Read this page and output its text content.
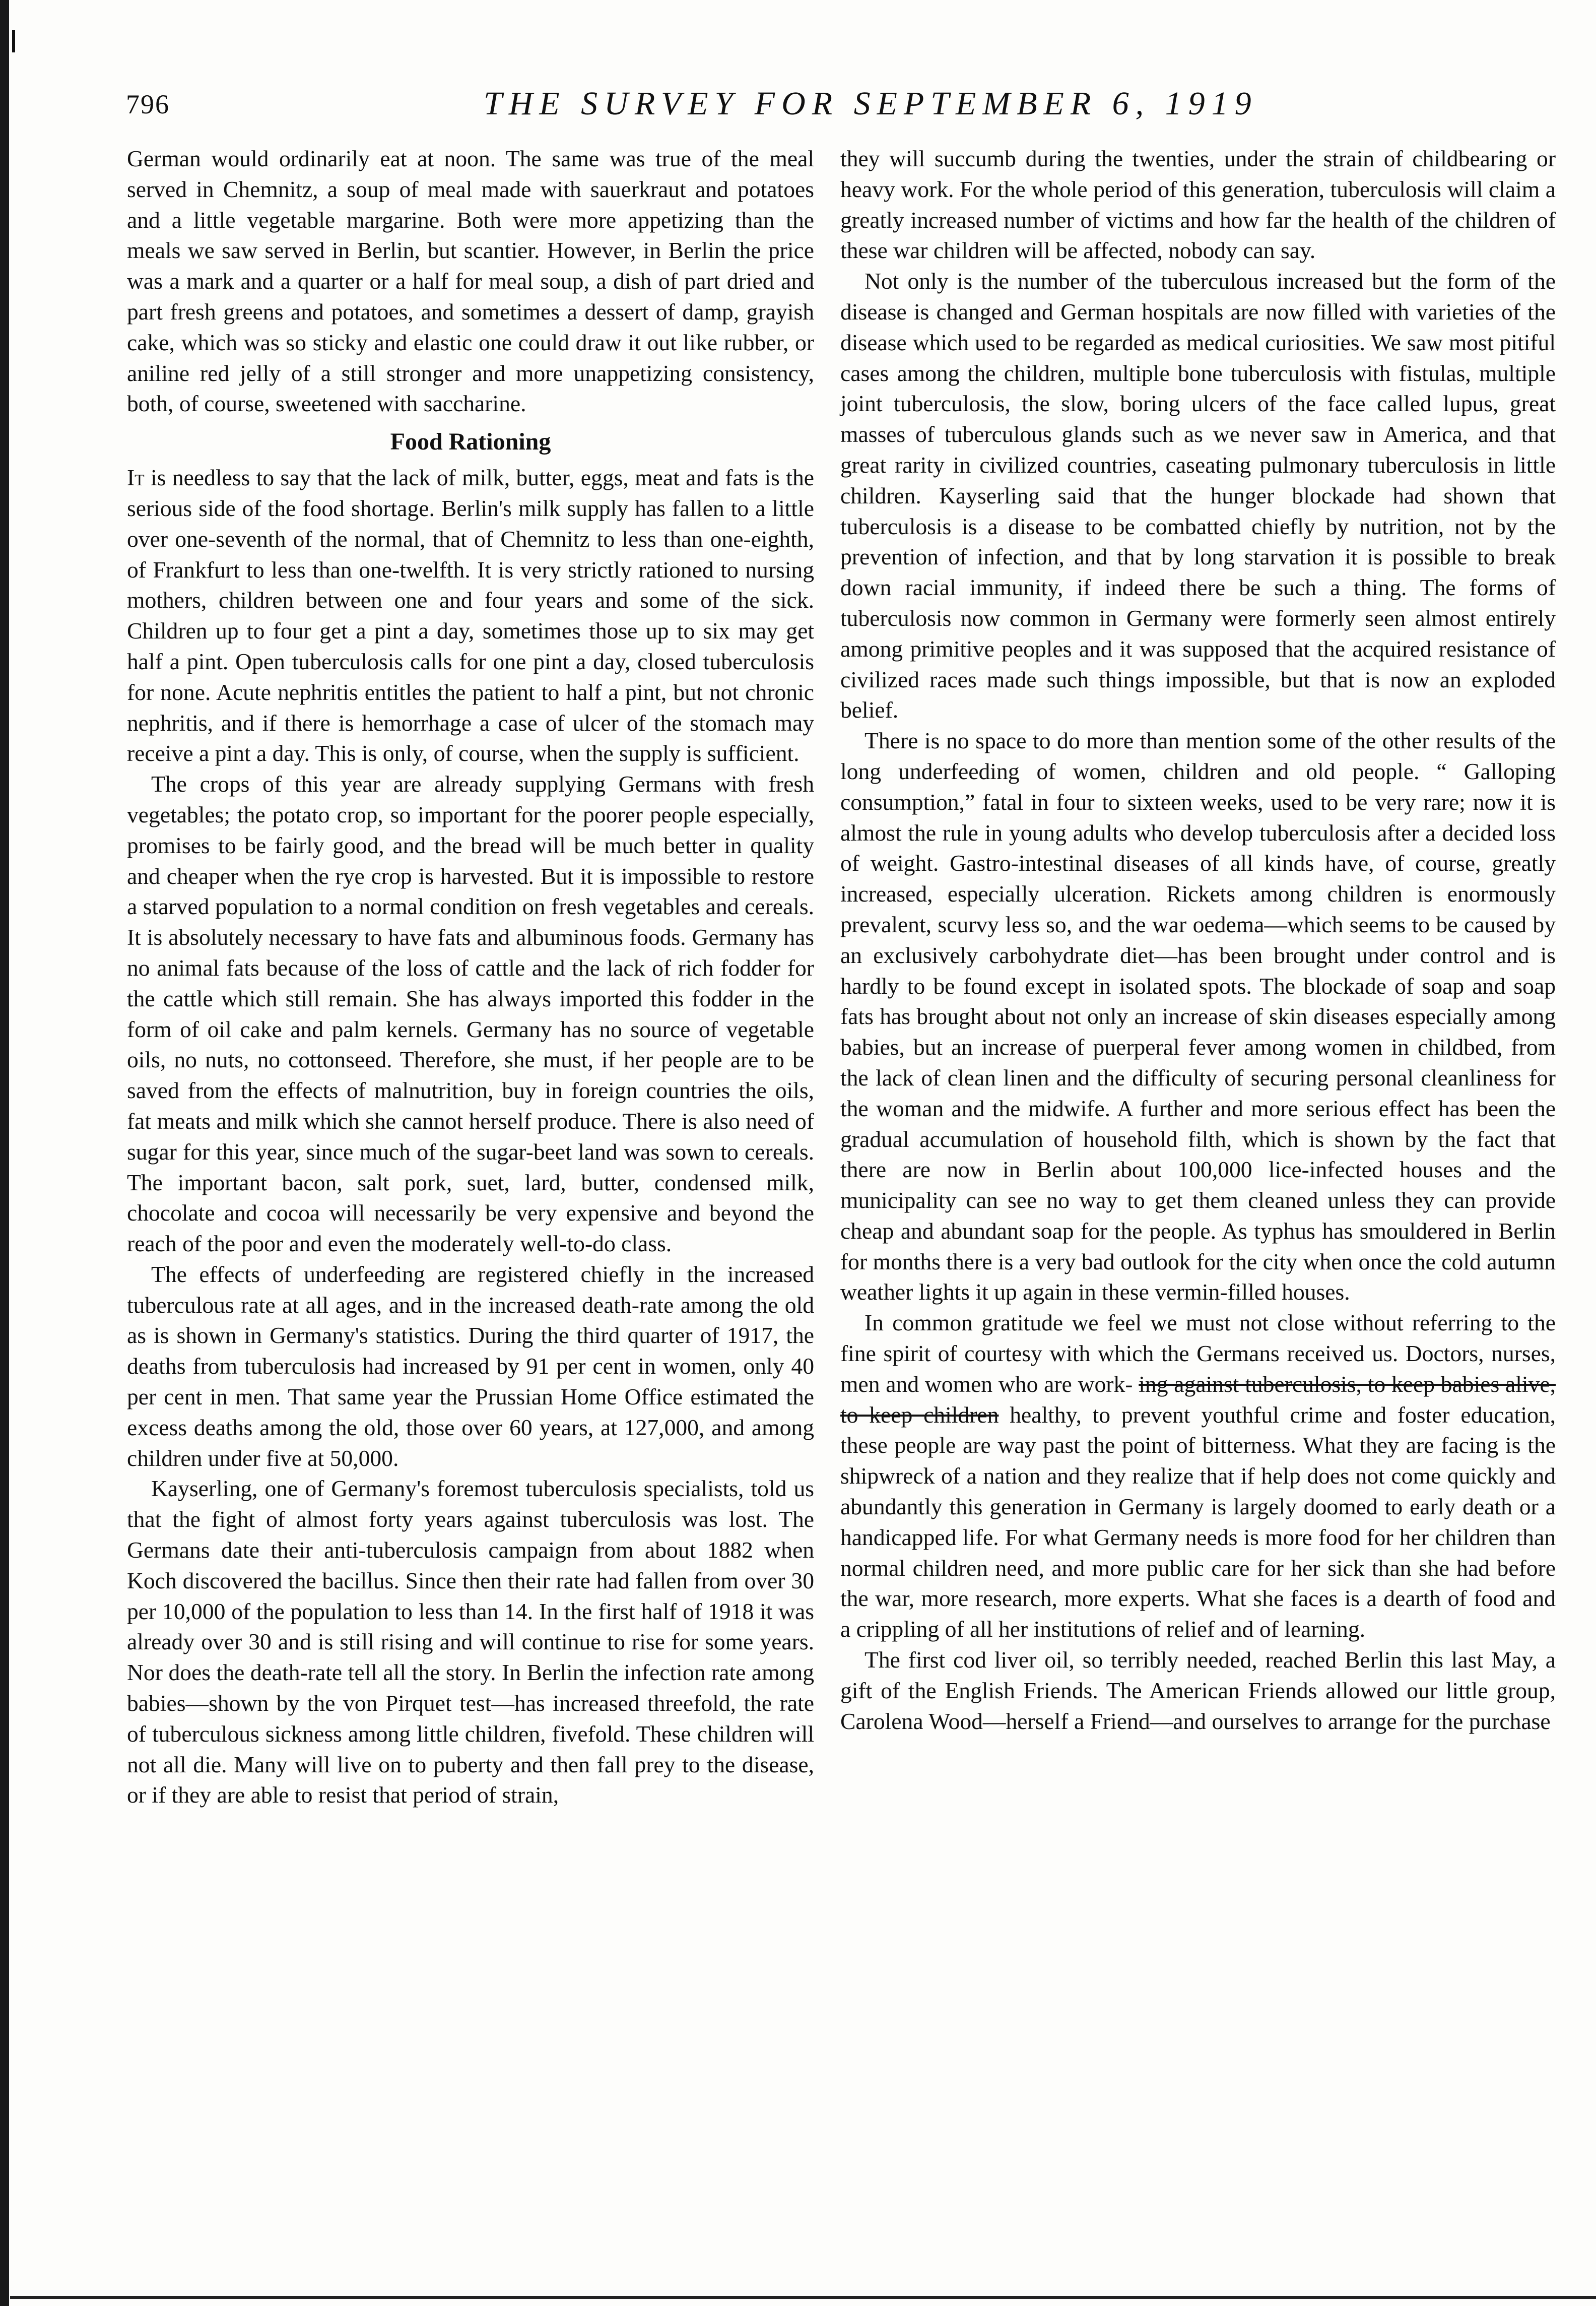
796	THE SURVEY FOR SEPTEMBER 6, 1919

German would ordinarily eat at noon. The same was true of the meal served in Chemnitz, a soup of meal made with sauerkraut and potatoes and a little vegetable margarine. Both were more appetizing than the meals we saw served in Berlin, but scantier. However, in Berlin the price was a mark and a quarter or a half for meal soup, a dish of part dried and part fresh greens and potatoes, and sometimes a dessert of damp, grayish cake, which was so sticky and elastic one could draw it out like rubber, or aniline red jelly of a still stronger and more unappetizing consistency, both, of course, sweetened with saccharine.

Food Rationing

It is needless to say that the lack of milk, butter, eggs, meat and fats is the serious side of the food shortage. Berlin's milk supply has fallen to a little over one-seventh of the normal, that of Chemnitz to less than one-eighth, of Frankfurt to less than one-twelfth. It is very strictly rationed to nursing mothers, children between one and four years and some of the sick. Children up to four get a pint a day, sometimes those up to six may get half a pint. Open tuberculosis calls for one pint a day, closed tuberculosis for none. Acute nephritis entitles the patient to half a pint, but not chronic nephritis, and if there is hemorrhage a case of ulcer of the stomach may receive a pint a day. This is only, of course, when the supply is sufficient.

The crops of this year are already supplying Germans with fresh vegetables; the potato crop, so important for the poorer people especially, promises to be fairly good, and the bread will be much better in quality and cheaper when the rye crop is harvested. But it is impossible to restore a starved population to a normal condition on fresh vegetables and cereals. It is absolutely necessary to have fats and albuminous foods. Germany has no animal fats because of the loss of cattle and the lack of rich fodder for the cattle which still remain. She has always imported this fodder in the form of oil cake and palm kernels. Germany has no source of vegetable oils, no nuts, no cottonseed. Therefore, she must, if her people are to be saved from the effects of malnutrition, buy in foreign countries the oils, fat meats and milk which she cannot herself produce. There is also need of sugar for this year, since much of the sugar-beet land was sown to cereals. The important bacon, salt pork, suet, lard, butter, condensed milk, chocolate and cocoa will necessarily be very expensive and beyond the reach of the poor and even the moderately well-to-do class.

The effects of underfeeding are registered chiefly in the increased tuberculous rate at all ages, and in the increased death-rate among the old as is shown in Germany's statistics. During the third quarter of 1917, the deaths from tuberculosis had increased by 91 per cent in women, only 40 per cent in men. That same year the Prussian Home Office estimated the excess deaths among the old, those over 60 years, at 127,000, and among children under five at 50,000.

Kayserling, one of Germany's foremost tuberculosis specialists, told us that the fight of almost forty years against tuberculosis was lost. The Germans date their anti-tuberculosis campaign from about 1882 when Koch discovered the bacillus. Since then their rate had fallen from over 30 per 10,000 of the population to less than 14. In the first half of 1918 it was already over 30 and is still rising and will continue to rise for some years. Nor does the death-rate tell all the story. In Berlin the infection rate among babies—shown by the von Pirquet test—has increased threefold, the rate of tuberculous sickness among little children, fivefold. These children will not all die. Many will live on to puberty and then fall prey to the disease, or if they are able to resist that period of strain,

they will succumb during the twenties, under the strain of childbearing or heavy work. For the whole period of this generation, tuberculosis will claim a greatly increased number of victims and how far the health of the children of these war children will be affected, nobody can say.

Not only is the number of the tuberculous increased but the form of the disease is changed and German hospitals are now filled with varieties of the disease which used to be regarded as medical curiosities. We saw most pitiful cases among the children, multiple bone tuberculosis with fistulas, multiple joint tuberculosis, the slow, boring ulcers of the face called lupus, great masses of tuberculous glands such as we never saw in America, and that great rarity in civilized countries, caseating pulmonary tuberculosis in little children. Kayserling said that the hunger blockade had shown that tuberculosis is a disease to be combatted chiefly by nutrition, not by the prevention of infection, and that by long starvation it is possible to break down racial immunity, if indeed there be such a thing. The forms of tuberculosis now common in Germany were formerly seen almost entirely among primitive peoples and it was supposed that the acquired resistance of civilized races made such things impossible, but that is now an exploded belief.

There is no space to do more than mention some of the other results of the long underfeeding of women, children and old people. “ Galloping consumption,” fatal in four to sixteen weeks, used to be very rare; now it is almost the rule in young adults who develop tuberculosis after a decided loss of weight. Gastro-intestinal diseases of all kinds have, of course, greatly increased, especially ulceration. Rickets among children is enormously prevalent, scurvy less so, and the war oedema—which seems to be caused by an exclusively carbohydrate diet—has been brought under control and is hardly to be found except in isolated spots. The blockade of soap and soap fats has brought about not only an increase of skin diseases especially among babies, but an increase of puerperal fever among women in childbed, from the lack of clean linen and the difficulty of securing personal cleanliness for the woman and the midwife. A further and more serious effect has been the gradual accumulation of household filth, which is shown by the fact that there are now in Berlin about 100,000 lice-infected houses and the municipality can see no way to get them cleaned unless they can provide cheap and abundant soap for the people. As typhus has smouldered in Berlin for months there is a very bad outlook for the city when once the cold autumn weather lights it up again in these vermin-filled houses.

In common gratitude we feel we must not close without referring to the fine spirit of courtesy with which the Germans received us. Doctors, nurses, men and women who are work- ing against tuberculosis, to keep babies alive, to keep children healthy, to prevent youthful crime and foster education, these people are way past the point of bitterness. What they are facing is the shipwreck of a nation and they realize that if help does not come quickly and abundantly this generation in Germany is largely doomed to early death or a handicapped life. For what Germany needs is more food for her children than normal children need, and more public care for her sick than she had before the war, more research, more experts. What she faces is a dearth of food and a crippling of all her institutions of relief and of learning.

The first cod liver oil, so terribly needed, reached Berlin this last May, a gift of the English Friends. The American Friends allowed our little group, Carolena Wood—herself a Friend—and ourselves to arrange for the purchase
